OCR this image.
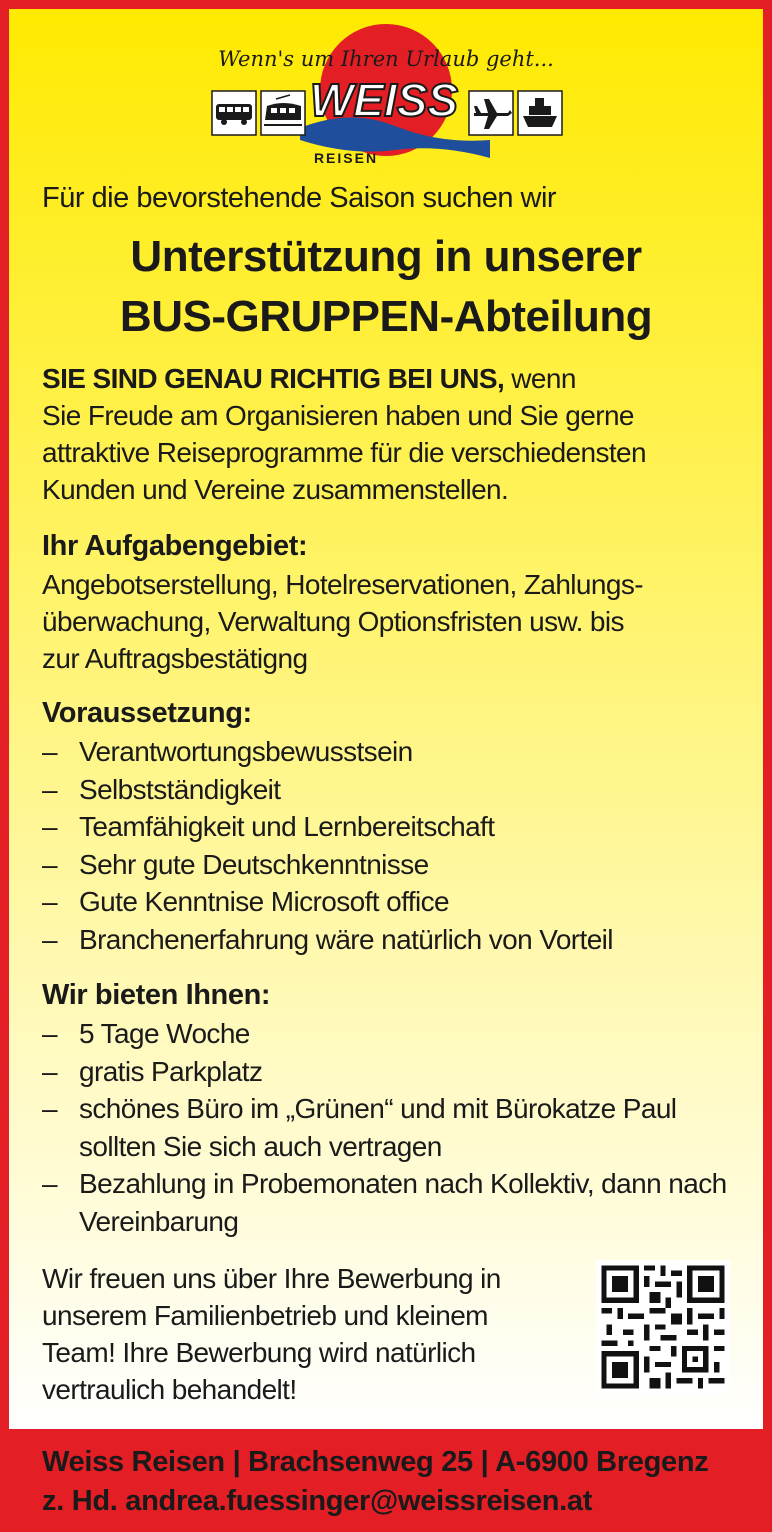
Wenn's um Ihren Urlaub geht...
WEISS
REISEN
Für die bevorstehende Saison suchen wir
Unterstützung in unserer
BUS-GRUPPEN-Abteilung
SIE SIND GENAU RICHTIG BEI UNS, wenn
Sie Freude am Organisieren haben und Sie gerne
attraktive Reiseprogramme für die verschiedensten
Kunden und Vereine zusammenstellen.
Ihr Aufgabengebiet:
Angebotserstellung, Hotelreservationen, Zahlungs-
überwachung, Verwaltung Optionsfristen usw. bis
zur Auftragsbestätigng
Voraussetzung:
– Verantwortungsbewusstsein
– Selbstständigkeit
– Teamfähigkeit und Lernbereitschaft
– Sehr gute Deutschkenntnisse
– Gute Kenntnise Microsoft office
– Branchenerfahrung wäre natürlich von Vorteil
Wir bieten Ihnen:
– 5 Tage Woche
– gratis Parkplatz
– schönes Büro im „Grünen“ und mit Bürokatze Paul sollten Sie sich auch vertragen
– Bezahlung in Probemonaten nach Kollektiv, dann nach Vereinbarung
Wir freuen uns über Ihre Bewerbung in
unserem Familienbetrieb und kleinem
Team! Ihre Bewerbung wird natürlich
vertraulich behandelt!
Weiss Reisen | Brachsenweg 25 | A-6900 Bregenz
z. Hd. andrea.fuessinger@weissreisen.at
